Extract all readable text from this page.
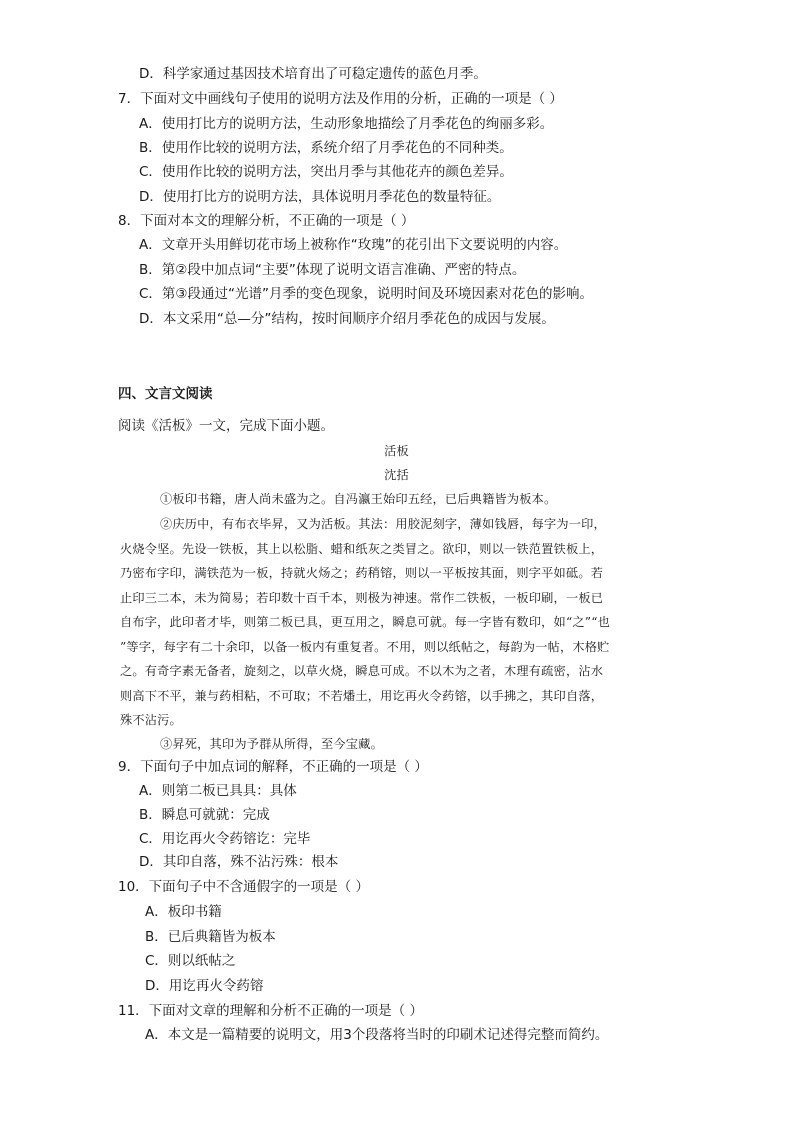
D．科学家通过基因技术培育出了可稳定遗传的蓝色月季。
7．下面对文中画线句子使用的说明方法及作用的分析，正确的一项是（ ）
A．使用打比方的说明方法，生动形象地描绘了月季花色的绚丽多彩。
B．使用作比较的说明方法，系统介绍了月季花色的不同种类。
C．使用作比较的说明方法，突出月季与其他花卉的颜色差异。
D．使用打比方的说明方法，具体说明月季花色的数量特征。
8．下面对本文的理解分析，不正确的一项是（ ）
A．文章开头用鲜切花市场上被称作“玫瑰”的花引出下文要说明的内容。
B．第②段中加点词“主要”体现了说明文语言准确、严密的特点。
C．第③段通过“光谱”月季的变色现象，说明时间及环境因素对花色的影响。
D．本文采用“总—分”结构，按时间顺序介绍月季花色的成因与发展。
四、文言文阅读
阅读《活板》一文，完成下面小题。
活板
沈括
①板印书籍，唐人尚未盛为之。自冯瀛王始印五经，已后典籍皆为板本。
②庆历中，有布衣毕昇，又为活板。其法：用胶泥刻字，薄如钱唇，每字为一印，
火烧令坚。先设一铁板，其上以松脂、蜡和纸灰之类冒之。欲印，则以一铁范置铁板上，
乃密布字印，满铁范为一板，持就火炀之；药稍镕，则以一平板按其面，则字平如砥。若
止印三二本，未为简易；若印数十百千本，则极为神速。常作二铁板，一板印刷，一板已
自布字，此印者才毕，则第二板已具，更互用之，瞬息可就。每一字皆有数印，如“之”“也
”等字，每字有二十余印，以备一板内有重复者。不用，则以纸帖之，每韵为一帖，木格贮
之。有奇字素无备者，旋刻之，以草火烧，瞬息可成。不以木为之者，木理有疏密，沾水
则高下不平，兼与药相粘，不可取；不若燔土，用讫再火令药镕，以手拂之，其印自落，
殊不沾污。
③昇死，其印为予群从所得，至今宝藏。
9．下面句子中加点词的解释，不正确的一项是（ ）
A．则第二板已具具：具体
B．瞬息可就就：完成
C．用讫再火令药镕讫：完毕
D．其印自落，殊不沾污殊：根本
10．下面句子中不含通假字的一项是（ ）
A．板印书籍
B．已后典籍皆为板本
C．则以纸帖之
D．用讫再火令药镕
11．下面对文章的理解和分析不正确的一项是（ ）
A．本文是一篇精要的说明文，用3个段落将当时的印刷术记述得完整而简约。
